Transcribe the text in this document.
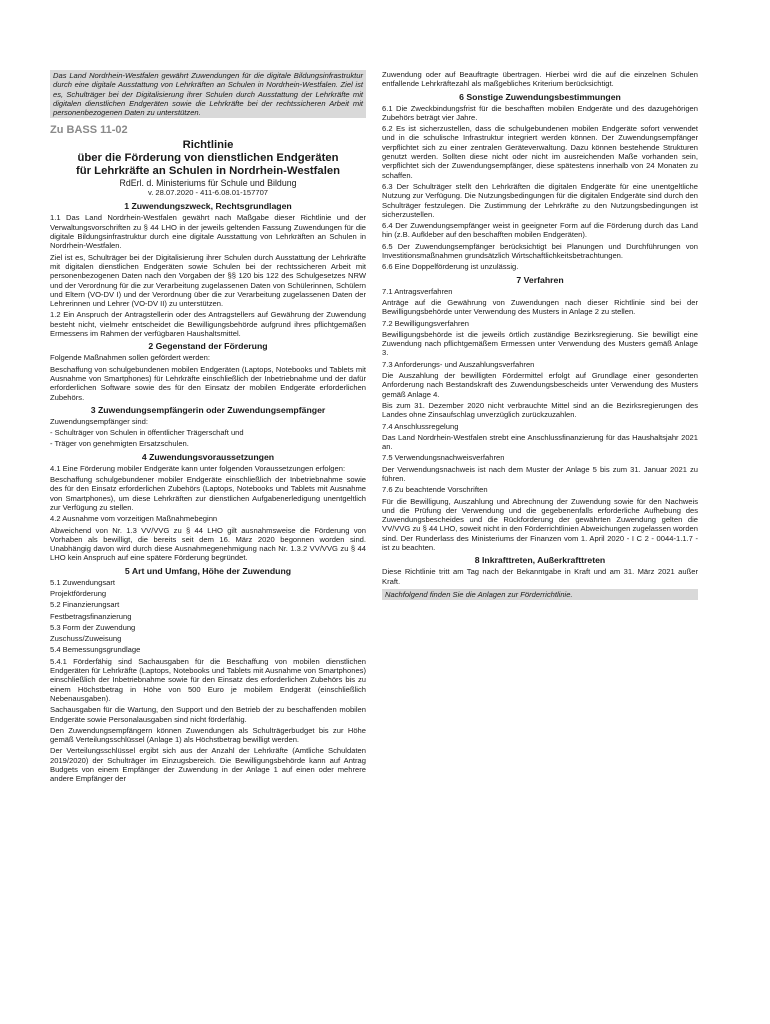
Das Land Nordrhein-Westfalen gewährt Zuwendungen für die digitale Bildungsinfrastruktur durch eine digitale Ausstattung von Lehrkräften an Schulen in Nordrhein-Westfalen. Ziel ist es, Schulträger bei der Digitalisierung ihrer Schulen durch Ausstattung der Lehrkräfte mit digitalen dienstlichen Endgeräten sowie die Lehrkräfte bei der rechtssicheren Arbeit mit personenbezogenen Daten zu unterstützen.

Zu BASS 11-02
Richtlinie
über die Förderung von dienstlichen Endgeräten
für Lehrkräfte an Schulen in Nordrhein-Westfalen
RdErl. d. Ministeriums für Schule und Bildung
v. 28.07.2020 - 411-6.08.01-157707
1 Zuwendungszweck, Rechtsgrundlagen

1.1 Das Land Nordrhein-Westfalen gewährt nach Maßgabe dieser Richtlinie und der Verwaltungsvorschriften zu § 44 LHO in der jeweils geltenden Fassung Zuwendungen für die digitale Bildungsinfrastruktur durch eine digitale Ausstattung von Lehrkräften an Schulen in Nordrhein-Westfalen.

Ziel ist es, Schulträger bei der Digitalisierung ihrer Schulen durch Ausstattung der Lehrkräfte mit digitalen dienstlichen Endgeräten sowie Schulen bei der rechtssicheren Arbeit mit personenbezogenen Daten nach den Vorgaben der §§ 120 bis 122 des Schulgesetzes NRW und der Verordnung für die zur Verarbeitung zugelassenen Daten von Schülerinnen, Schülern und Eltern (VO-DV I) und der Verordnung über die zur Verarbeitung zugelassenen Daten der Lehrerinnen und Lehrer (VO-DV II) zu unterstützen.

1.2 Ein Anspruch der Antragstellerin oder des Antragstellers auf Gewährung der Zuwendung besteht nicht, vielmehr entscheidet die Bewilligungsbehörde aufgrund ihres pflichtgemäßen Ermessens im Rahmen der verfügbaren Haushaltsmittel.

2 Gegenstand der Förderung

Folgende Maßnahmen sollen gefördert werden:

Beschaffung von schulgebundenen mobilen Endgeräten (Laptops, Notebooks und Tablets mit Ausnahme von Smartphones) für Lehrkräfte einschließlich der Inbetriebnahme und der dafür erforderlichen Software sowie des für den Einsatz der mobilen Endgeräte erforderlichen Zubehörs.

3 Zuwendungsempfängerin oder Zuwendungsempfänger

Zuwendungsempfänger sind:

- Schulträger von Schulen in öffentlicher Trägerschaft und

- Träger von genehmigten Ersatzschulen.

4 Zuwendungsvoraussetzungen

4.1 Eine Förderung mobiler Endgeräte kann unter folgenden Voraussetzungen erfolgen:

Beschaffung schulgebundener mobiler Endgeräte einschließlich der Inbetriebnahme sowie des für den Einsatz erforderlichen Zubehörs (Laptops, Notebooks und Tablets mit Ausnahme von Smartphones), um diese Lehrkräften zur dienstlichen Aufgabenerledigung unentgeltlich zur Verfügung zu stellen.

4.2 Ausnahme vom vorzeitigen Maßnahmebeginn

Abweichend von Nr. 1.3 VV/VVG zu § 44 LHO gilt ausnahmsweise die Förderung von Vorhaben als bewilligt, die bereits seit dem 16. März 2020 begonnen worden sind. Unabhängig davon wird durch diese Ausnahmegenehmigung nach Nr. 1.3.2 VV/VVG zu § 44 LHO kein Anspruch auf eine spätere Förderung begründet.

5 Art und Umfang, Höhe der Zuwendung

5.1 Zuwendungsart

Projektförderung

5.2 Finanzierungsart

Festbetragsfinanzierung

5.3 Form der Zuwendung

Zuschuss/Zuweisung

5.4 Bemessungsgrundlage

5.4.1 Förderfähig sind Sachausgaben für die Beschaffung von mobilen dienstlichen Endgeräten für Lehrkräfte (Laptops, Notebooks und Tablets mit Ausnahme von Smartphones) einschließlich der Inbetriebnahme sowie für den Einsatz des erforderlichen Zubehörs bis zu einem Höchstbetrag in Höhe von 500 Euro je mobilem Endgerät (einschließlich Nebenausgaben).

Sachausgaben für die Wartung, den Support und den Betrieb der zu beschaffenden mobilen Endgeräte sowie Personalausgaben sind nicht förderfähig.

Den Zuwendungsempfängern können Zuwendungen als Schulträgerbudget bis zur Höhe gemäß Verteilungsschlüssel (Anlage 1) als Höchstbetrag bewilligt werden.

Der Verteilungsschlüssel ergibt sich aus der Anzahl der Lehrkräfte (Amtliche Schuldaten 2019/2020) der Schulträger im Einzugsbereich. Die Bewilligungsbehörde kann auf Antrag Budgets von einem Empfänger der Zuwendung in der Anlage 1 auf einen oder mehrere andere Empfänger der

Zuwendung oder auf Beauftragte übertragen. Hierbei wird die auf die einzelnen Schulen entfallende Lehrkräftezahl als maßgebliches Kriterium berücksichtigt.

6 Sonstige Zuwendungsbestimmungen

6.1 Die Zweckbindungsfrist für die beschafften mobilen Endgeräte und des dazugehörigen Zubehörs beträgt vier Jahre.

6.2 Es ist sicherzustellen, dass die schulgebundenen mobilen Endgeräte sofort verwendet und in die schulische Infrastruktur integriert werden können. Der Zuwendungsempfänger verpflichtet sich zu einer zentralen Geräteverwaltung. Dazu können bestehende Strukturen genutzt werden. Sollten diese nicht oder nicht im ausreichenden Maße vorhanden sein, verpflichtet sich der Zuwendungsempfänger, diese spätestens innerhalb von 24 Monaten zu schaffen.

6.3 Der Schulträger stellt den Lehrkräften die digitalen Endgeräte für eine unentgeltliche Nutzung zur Verfügung. Die Nutzungsbedingungen für die digitalen Endgeräte sind durch den Schulträger festzulegen. Die Zustimmung der Lehrkräfte zu den Nutzungsbedingungen ist sicherzustellen.

6.4 Der Zuwendungsempfänger weist in geeigneter Form auf die Förderung durch das Land hin (z.B. Aufkleber auf den beschafften mobilen Endgeräten).

6.5 Der Zuwendungsempfänger berücksichtigt bei Planungen und Durchführungen von Investitionsmaßnahmen grundsätzlich Wirtschaftlichkeitsbetrachtungen.

6.6 Eine Doppelförderung ist unzulässig.

7 Verfahren

7.1 Antragsverfahren

Anträge auf die Gewährung von Zuwendungen nach dieser Richtlinie sind bei der Bewilligungsbehörde unter Verwendung des Musters in Anlage 2 zu stellen.

7.2 Bewilligungsverfahren

Bewilligungsbehörde ist die jeweils örtlich zuständige Bezirksregierung. Sie bewilligt eine Zuwendung nach pflichtgemäßem Ermessen unter Verwendung des Musters gemäß Anlage 3.

7.3 Anforderungs- und Auszahlungsverfahren

Die Auszahlung der bewilligten Fördermittel erfolgt auf Grundlage einer gesonderten Anforderung nach Bestandskraft des Zuwendungsbescheids unter Verwendung des Musters gemäß Anlage 4.

Bis zum 31. Dezember 2020 nicht verbrauchte Mittel sind an die Bezirksregierungen des Landes ohne Zinsaufschlag unverzüglich zurückzuzahlen.

7.4 Anschlussregelung

Das Land Nordrhein-Westfalen strebt eine Anschlussfinanzierung für das Haushaltsjahr 2021 an.

7.5 Verwendungsnachweisverfahren

Der Verwendungsnachweis ist nach dem Muster der Anlage 5 bis zum 31. Januar 2021 zu führen.

7.6 Zu beachtende Vorschriften

Für die Bewilligung, Auszahlung und Abrechnung der Zuwendung sowie für den Nachweis und die Prüfung der Verwendung und die gegebenenfalls erforderliche Aufhebung des Zuwendungsbescheides und die Rückforderung der gewährten Zuwendung gelten die VV/VVG zu § 44 LHO, soweit nicht in den Förderrichtlinien Abweichungen zugelassen worden sind. Der Runderlass des Ministeriums der Finanzen vom 1. April 2020 - I C 2 - 0044-1.1.7 - ist zu beachten.

8 Inkrafttreten, Außerkrafttreten

Diese Richtlinie tritt am Tag nach der Bekanntgabe in Kraft und am 31. März 2021 außer Kraft.

Nachfolgend finden Sie die Anlagen zur Förderrichtlinie.
